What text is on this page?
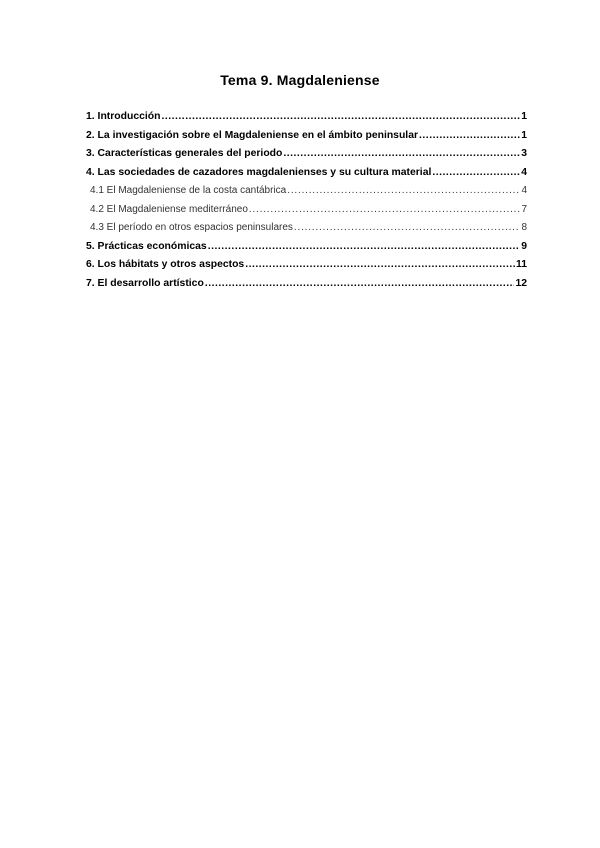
Tema 9. Magdaleniense
1. Introducción .....	1
2. La investigación sobre el Magdaleniense en el ámbito peninsular .....	1
3. Características generales del periodo .....	3
4. Las sociedades de cazadores magdalenienses y su cultura material .....	4
4.1 El Magdaleniense de la costa cantábrica .....	4
4.2 El Magdaleniense mediterráneo .....	7
4.3 El período en otros espacios peninsulares .....	8
5. Prácticas económicas .....	9
6. Los hábitats y otros aspectos .....	11
7. El desarrollo artístico .....	12
